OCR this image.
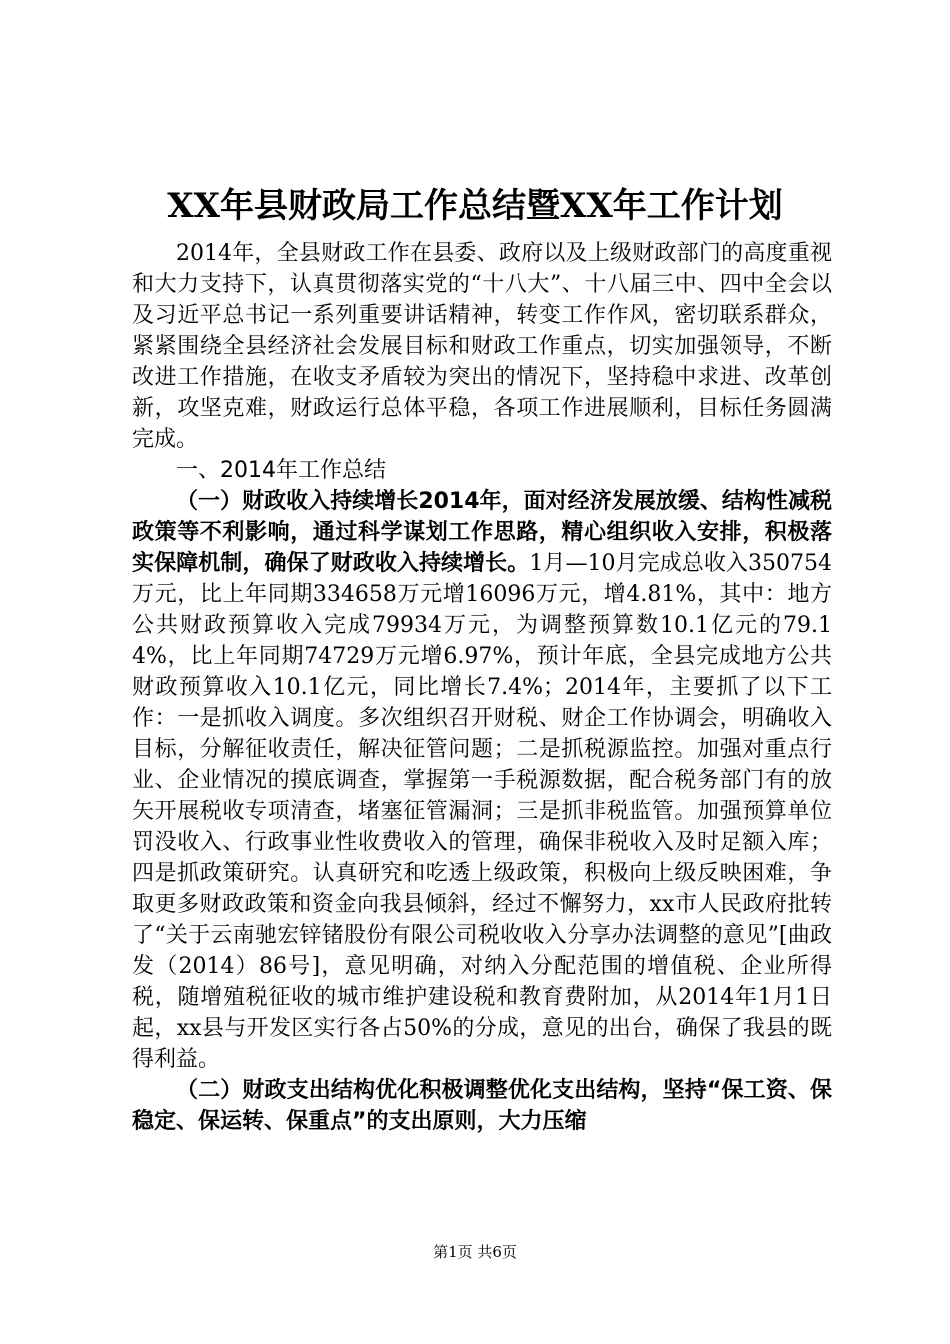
XX年县财政局工作总结暨XX年工作计划

2014年，全县财政工作在县委、政府以及上级财政部门的高度重视和大力支持下，认真贯彻落实党的“十八大”、十八届三中、四中全会以及习近平总书记一系列重要讲话精神，转变工作作风，密切联系群众，紧紧围绕全县经济社会发展目标和财政工作重点，切实加强领导，不断改进工作措施，在收支矛盾较为突出的情况下，坚持稳中求进、改革创新，攻坚克难，财政运行总体平稳，各项工作进展顺利，目标任务圆满完成。

一、2014年工作总结

（一）财政收入持续增长2014年，面对经济发展放缓、结构性减税政策等不利影响，通过科学谋划工作思路，精心组织收入安排，积极落实保障机制，确保了财政收入持续增长。1月—10月完成总收入350754万元，比上年同期334658万元增16096万元，增4.81%，其中：地方公共财政预算收入完成79934万元，为调整预算数10.1亿元的79.14%，比上年同期74729万元增6.97%，预计年底，全县完成地方公共财政预算收入10.1亿元，同比增长7.4%；2014年，主要抓了以下工作：一是抓收入调度。多次组织召开财税、财企工作协调会，明确收入目标，分解征收责任，解决征管问题；二是抓税源监控。加强对重点行业、企业情况的摸底调查，掌握第一手税源数据，配合税务部门有的放矢开展税收专项清查，堵塞征管漏洞；三是抓非税监管。加强预算单位罚没收入、行政事业性收费收入的管理，确保非税收入及时足额入库；四是抓政策研究。认真研究和吃透上级政策，积极向上级反映困难，争取更多财政政策和资金向我县倾斜，经过不懈努力，xx市人民政府批转了“关于云南驰宏锌锗股份有限公司税收收入分享办法调整的意见”[曲政发（2014）86号]，意见明确，对纳入分配范围的增值税、企业所得税，随增殖税征收的城市维护建设税和教育费附加，从2014年1月1日起，xx县与开发区实行各占50%的分成，意见的出台，确保了我县的既得利益。

（二）财政支出结构优化积极调整优化支出结构，坚持“保工资、保稳定、保运转、保重点”的支出原则，大力压缩

第1页 共6页
